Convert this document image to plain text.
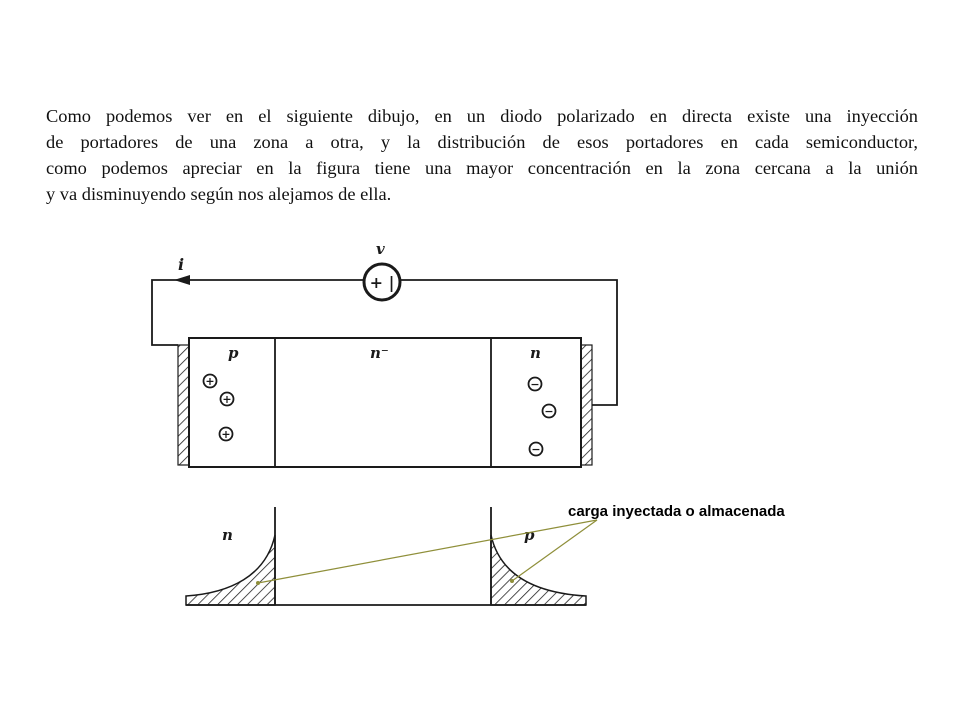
Como podemos ver en el siguiente dibujo, en un diodo polarizado en directa existe una inyección
de portadores de una zona a otra, y la distribución de esos portadores en cada semiconductor,
como podemos apreciar en la figura tiene una mayor concentración en la zona cercana a la unión
y va disminuyendo según nos alejamos de ella.

i
v
+ |
p	n⁻	n
+
+
+
−
−
−
n	p
carga inyectada o almacenada
